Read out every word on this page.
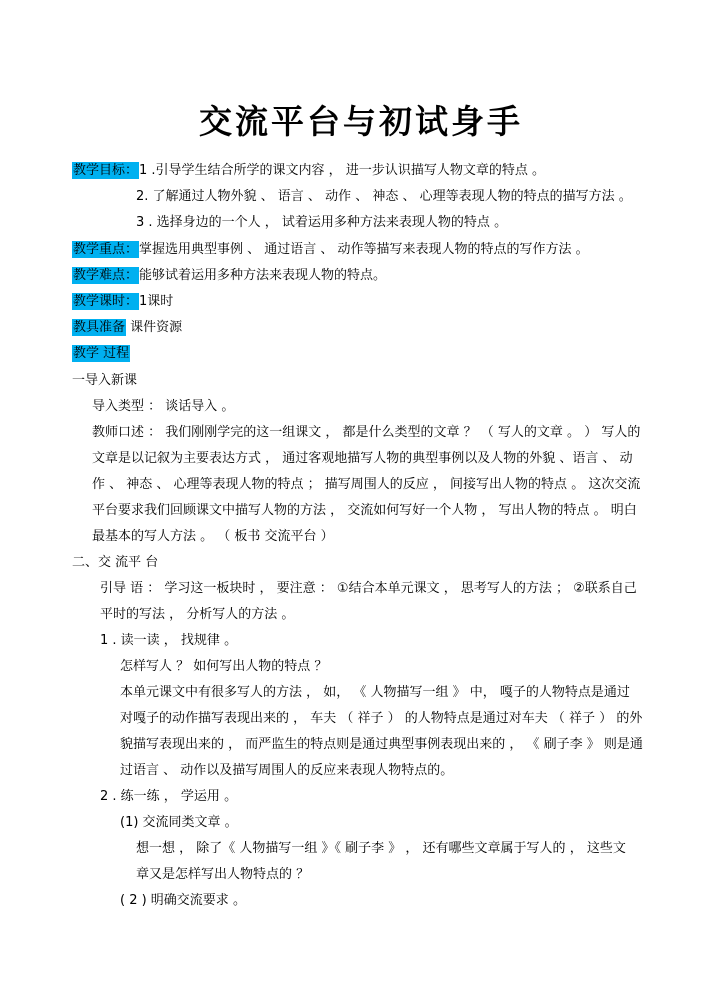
交流平台与初试身手
教学目标：1 .引导学生结合所学的课文内容 ， 进一步认识描写人物文章的特点 。
2. 了解通过人物外貌 、 语言 、 动作 、 神态 、 心理等表现人物的特点的描写方法 。
3 . 选择身边的一个人 ， 试着运用多种方法来表现人物的特点 。
教学重点：掌握选用典型事例 、 通过语言 、 动作等描写来表现人物的特点的写作方法 。
教学难点：能够试着运用多种方法来表现人物的特点。
教学课时：1课时
教具准备 课件资源
教学 过程
一导入新课
导入类型 ： 谈话导入 。
教师口述 ： 我们刚刚学完的这一组课文 ， 都是什么类型的文章 ？ （ 写人的文章 。 ） 写人的
文章是以记叙为主要表达方式 ， 通过客观地描写人物的典型事例以及人物的外貌 、语言 、 动
作 、 神态 、 心理等表现人物的特点 ； 描写周围人的反应 ， 间接写出人物的特点 。 这次交流
平台要求我们回顾课文中描写人物的方法 ， 交流如何写好一个人物 ， 写出人物的特点 。 明白
最基本的写人方法 。 （ 板书 交流平台 ）
二、交 流平 台
引导 语 ： 学习这一板块时 ， 要注意 ： ①结合本单元课文 ， 思考写人的方法 ； ②联系自己
平时的写法 ， 分析写人的方法 。
1 . 读一读 ， 找规律 。
怎样写人 ？ 如何写出人物的特点 ？
本单元课文中有很多写人的方法 ， 如， 《 人物描写一组 》 中， 嘎子的人物特点是通过
对嘎子的动作描写表现出来的 ， 车夫 （ 祥子 ） 的人物特点是通过对车夫 （ 祥子 ） 的外
貌描写表现出来的 ， 而严监生的特点则是通过典型事例表现出来的 ， 《 刷子李 》 则是通
过语言 、 动作以及描写周围人的反应来表现人物特点的。
2 . 练一练 ， 学运用 。
(1) 交流同类文章 。
想一想 ， 除了《 人物描写一组 》《 刷子李 》 ， 还有哪些文章属于写人的 ， 这些文
章又是怎样写出人物特点的 ？
( 2 ) 明确交流要求 。
